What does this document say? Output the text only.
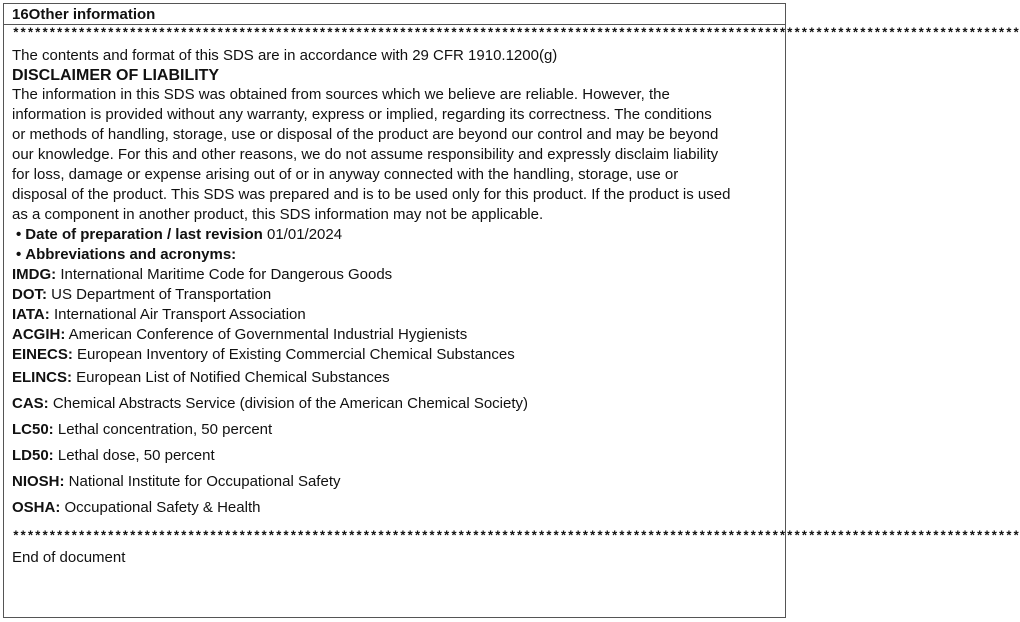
16Other information
******************************************************************************************************************************************

The contents and format of this SDS are in accordance with 29 CFR 1910.1200(g)

DISCLAIMER OF LIABILITY
The information in this SDS was obtained from sources which we believe are reliable. However, the
information is provided without any warranty, express or implied, regarding its correctness. The conditions
or methods of handling, storage, use or disposal of the product are beyond our control and may be beyond
our knowledge. For this and other reasons, we do not assume responsibility and expressly disclaim liability
for loss, damage or expense arising out of or in anyway connected with the handling, storage, use or
disposal of the product. This SDS was prepared and is to be used only for this product. If the product is used
as a component in another product, this SDS information may not be applicable.
• Date of preparation / last revision 01/01/2024
• Abbreviations and acronyms:
IMDG: International Maritime Code for Dangerous Goods
DOT: US Department of Transportation
IATA: International Air Transport Association
ACGIH: American Conference of Governmental Industrial Hygienists
EINECS: European Inventory of Existing Commercial Chemical Substances
ELINCS: European List of Notified Chemical Substances
CAS: Chemical Abstracts Service (division of the American Chemical Society)
LC50: Lethal concentration, 50 percent
LD50: Lethal dose, 50 percent
NIOSH: National Institute for Occupational Safety
OSHA: Occupational Safety & Health
******************************************************************************************************************************************
End of document
